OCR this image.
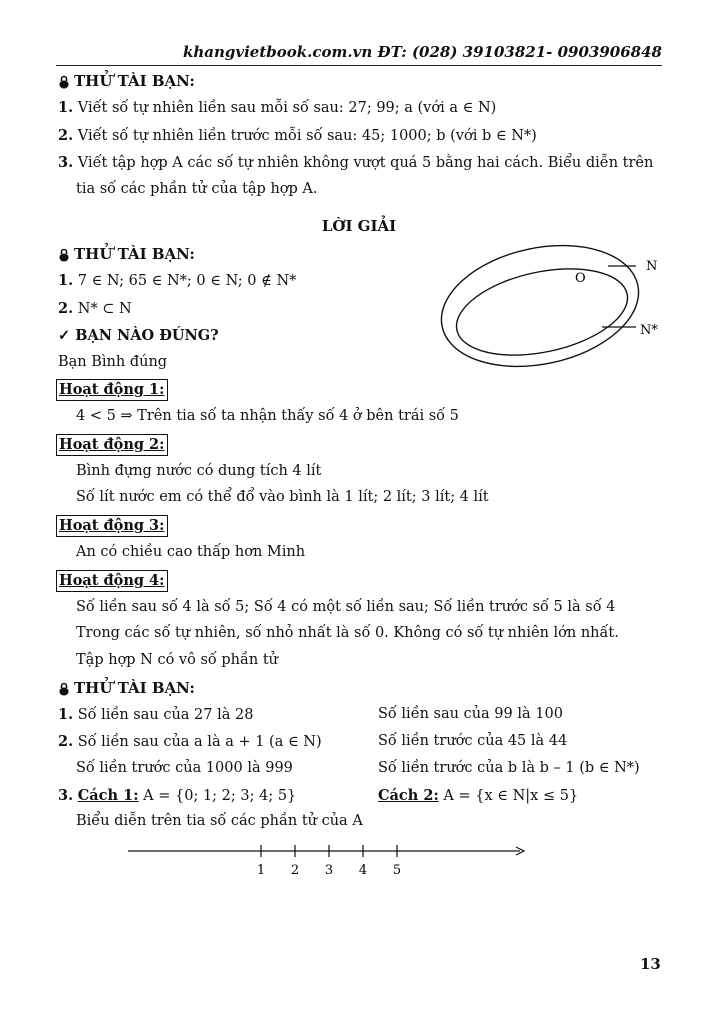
khangvietbook.com.vn ĐT: (028) 39103821- 0903906848
THỬ TÀI BẠN:
1. Viết số tự nhiên liền sau mỗi số sau: 27; 99; a (với a ∈ N)
2. Viết số tự nhiên liền trước mỗi số sau: 45; 1000; b (với b ∈ N*)
3. Viết tập hợp A các số tự nhiên không vượt quá 5 bằng hai cách. Biểu diễn trên
tia số các phần tử của tập hợp A.
LỜI GIẢI
THỬ TÀI BẠN:
1. 7 ∈ N; 65 ∈ N*; 0 ∈ N; 0 ∉ N*
2. N* ⊂ N
✓ BẠN NÀO ĐÚNG?
Bạn Bình đúng
N
N*
O
Hoạt động 1:
4 < 5 ⇒ Trên tia số ta nhận thấy số 4 ở bên trái số 5
Hoạt động 2:
Bình đựng nước có dung tích 4 lít
Số lít nước em có thể đổ vào bình là 1 lít; 2 lít; 3 lít; 4 lít
Hoạt động 3:
An có chiều cao thấp hơn Minh
Hoạt động 4:
Số liền sau số 4 là số 5; Số 4 có một số liền sau; Số liền trước số 5 là số 4
Trong các số tự nhiên, số nhỏ nhất là số 0. Không có số tự nhiên lớn nhất.
Tập hợp N có vô số phần tử
THỬ TÀI BẠN:
1. Số liền sau của 27 là 28	Số liền sau của 99 là 100
2. Số liền sau của a là a + 1 (a ∈ N)	Số liền trước của 45 là 44
Số liền trước của 1000 là 999	Số liền trước của b là b – 1 (b ∈ N*)
3. Cách 1: A = {0; 1; 2; 3; 4; 5}	Cách 2: A = {x ∈ N|x ≤ 5}
Biểu diễn trên tia số các phần tử của A
1 2 3 4 5
13
